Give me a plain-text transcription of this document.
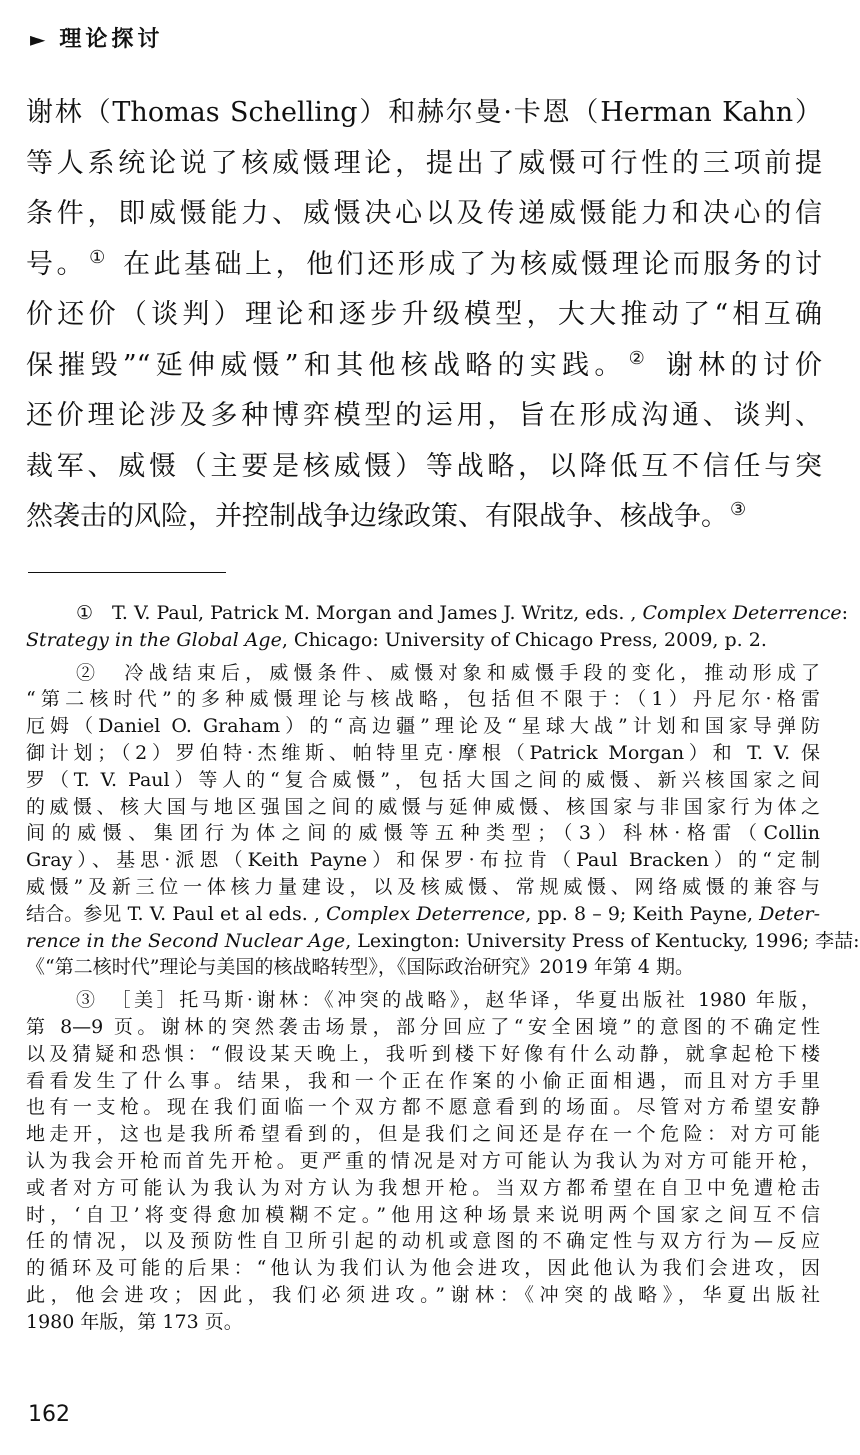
► 理论探讨
谢林（Thomas Schelling）和赫尔曼·卡恩（Herman Kahn）
等人系统论说了核威慑理论，提出了威慑可行性的三项前提
条件，即威慑能力、威慑决心以及传递威慑能力和决心的信
号。 ① 在此基础上，他们还形成了为核威慑理论而服务的讨
价还价（谈判）理论和逐步升级模型，大大推动了“相互确
保摧毁”“延伸威慑”和其他核战略的实践。 ② 谢林的讨价
还价理论涉及多种博弈模型的运用，旨在形成沟通、谈判、
裁军、威慑（主要是核威慑）等战略，以降低互不信任与突
然袭击的风险，并控制战争边缘政策、有限战争、核战争。 ③
①　T. V. Paul, Patrick M. Morgan and James J. Writz, eds. , Complex Deterrence:
Strategy in the Global Age, Chicago: University of Chicago Press, 2009, p. 2.
②　冷战结束后，威慑条件、威慑对象和威慑手段的变化，推动形成了
“第二核时代”的多种威慑理论与核战略，包括但不限于：（1）丹尼尔·格雷
厄姆（Daniel O. Graham）的“高边疆”理论及“星球大战”计划和国家导弹防
御计划；（2）罗伯特·杰维斯、帕特里克·摩根（Patrick Morgan）和 T. V. 保
罗（T. V. Paul）等人的“复合威慑”，包括大国之间的威慑、新兴核国家之间
的威慑、核大国与地区强国之间的威慑与延伸威慑、核国家与非国家行为体之
间的威慑、集团行为体之间的威慑等五种类型；（3）科林·格雷（Collin
Gray）、基思·派恩（Keith Payne）和保罗·布拉肯（Paul Bracken）的“定制
威慑”及新三位一体核力量建设，以及核威慑、常规威慑、网络威慑的兼容与
结合。参见 T. V. Paul et al eds. , Complex Deterrence, pp. 8 – 9; Keith Payne, Deter-
rence in the Second Nuclear Age, Lexington: University Press of Kentucky, 1996; 李喆:
《“第二核时代”理论与美国的核战略转型》，《国际政治研究》2019 年第 4 期。
③　［美］托马斯·谢林：《冲突的战略》，赵华译，华夏出版社 1980 年版，
第 8—9 页。谢林的突然袭击场景，部分回应了“安全困境”的意图的不确定性
以及猜疑和恐惧：“假设某天晚上，我听到楼下好像有什么动静，就拿起枪下楼
看看发生了什么事。结果，我和一个正在作案的小偷正面相遇，而且对方手里
也有一支枪。现在我们面临一个双方都不愿意看到的场面。尽管对方希望安静
地走开，这也是我所希望看到的，但是我们之间还是存在一个危险：对方可能
认为我会开枪而首先开枪。更严重的情况是对方可能认为我认为对方可能开枪，
或者对方可能认为我认为对方认为我想开枪。当双方都希望在自卫中免遭枪击
时，‘自卫’将变得愈加模糊不定。”他用这种场景来说明两个国家之间互不信
任的情况，以及预防性自卫所引起的动机或意图的不确定性与双方行为—反应
的循环及可能的后果：“他认为我们认为他会进攻，因此他认为我们会进攻，因
此，他会进攻；因此，我们必须进攻。”谢林：《冲突的战略》，华夏出版社
1980 年版，第 173 页。
162
